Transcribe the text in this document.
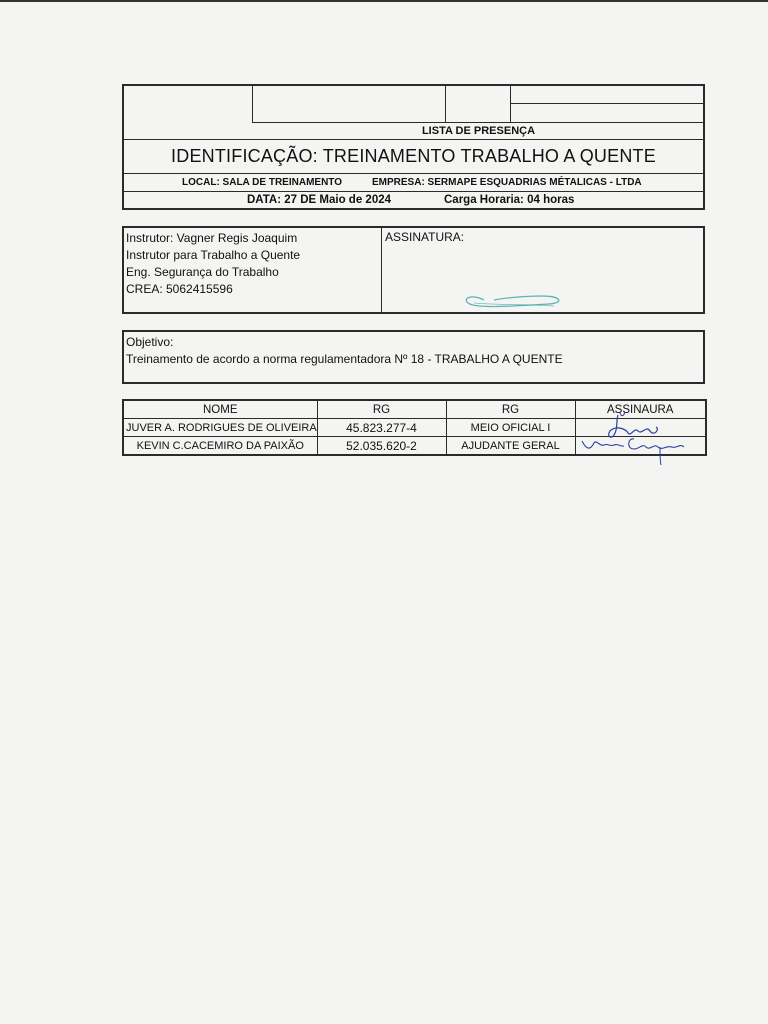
LISTA DE PRESENÇA
IDENTIFICAÇÃO: TREINAMENTO TRABALHO A QUENTE
LOCAL: SALA DE TREINAMENTO	EMPRESA: SERMAPE ESQUADRIAS MÉTALICAS - LTDA
DATA: 27 DE Maio de 2024	Carga Horaria: 04 horas
Instrutor: Vagner Regis Joaquim
Instrutor para Trabalho a Quente
Eng. Segurança do Trabalho
CREA: 5062415596
ASSINATURA:
Objetivo:
Treinamento de acordo a norma regulamentadora Nº 18 - TRABALHO A QUENTE
NOME	RG	RG	ASSINAURA
JUVER A. RODRIGUES DE OLIVEIRA	45.823.277-4	MEIO OFICIAL I	

KEVIN C.CACEMIRO DA PAIXÃO	52.035.620-2	AJUDANTE GERAL	
